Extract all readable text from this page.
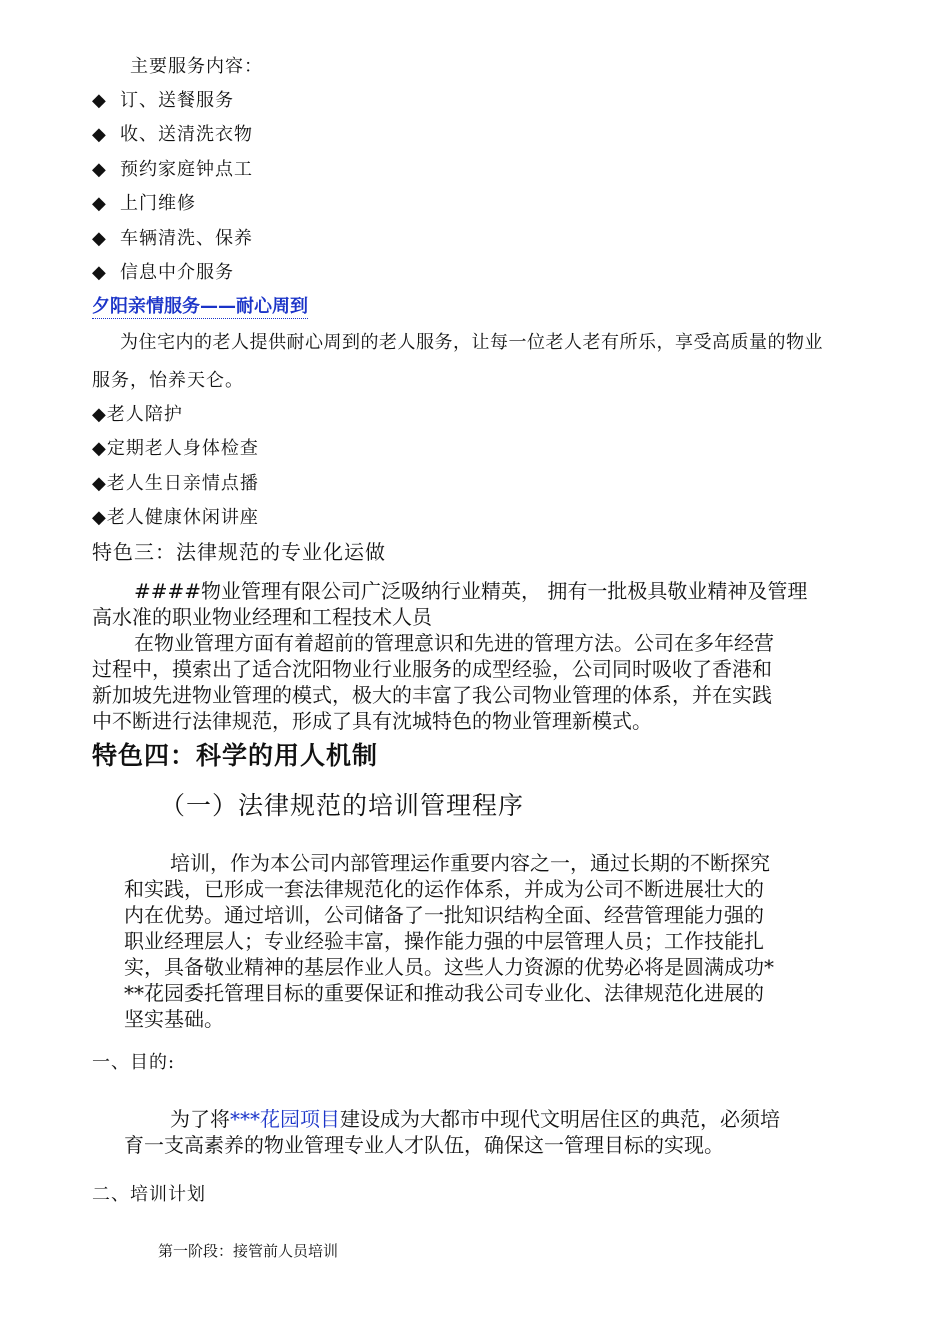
主要服务内容：
◆ 订、送餐服务
◆ 收、送清洗衣物
◆ 预约家庭钟点工
◆ 上门维修
◆ 车辆清洗、保养
◆ 信息中介服务
夕阳亲情服务——耐心周到
为住宅内的老人提供耐心周到的老人服务，让每一位老人老有所乐，享受高质量的物业
服务，怡养天仑。
◆老人陪护
◆定期老人身体检查
◆老人生日亲情点播
◆老人健康休闲讲座
特色三：法律规范的专业化运做

####物业管理有限公司广泛吸纳行业精英， 拥有一批极具敬业精神及管理

高水准的职业物业经理和工程技术人员

在物业管理方面有着超前的管理意识和先进的管理方法。公司在多年经营

过程中，摸索出了适合沈阳物业行业服务的成型经验，公司同时吸收了香港和

新加坡先进物业管理的模式，极大的丰富了我公司物业管理的体系，并在实践

中不断进行法律规范，形成了具有沈城特色的物业管理新模式。

特色四：科学的用人机制
（一）法律规范的培训管理程序

培训，作为本公司内部管理运作重要内容之一，通过长期的不断探究

和实践，已形成一套法律规范化的运作体系，并成为公司不断进展壮大的

内在优势。通过培训，公司储备了一批知识结构全面、经营管理能力强的

职业经理层人；专业经验丰富，操作能力强的中层管理人员；工作技能扎

实，具备敬业精神的基层作业人员。这些人力资源的优势必将是圆满成功*

**花园委托管理目标的重要保证和推动我公司专业化、法律规范化进展的

坚实基础。

一、目的:

为了将***花园项目建设成为大都市中现代文明居住区的典范，必须培

育一支高素养的物业管理专业人才队伍，确保这一管理目标的实现。

二、培训计划
第一阶段：接管前人员培训
